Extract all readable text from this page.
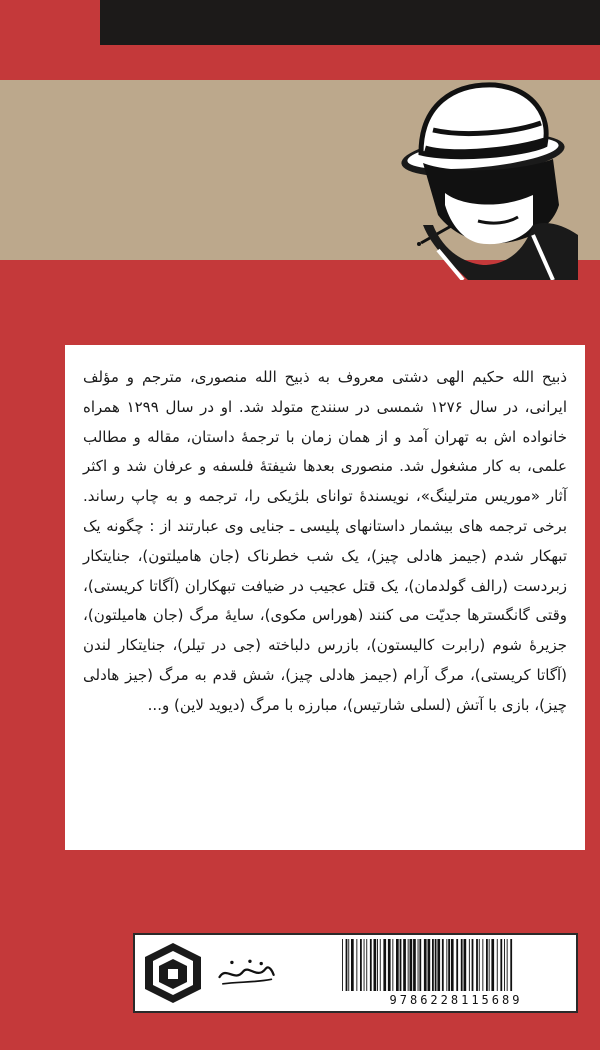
ذبیح الله حکیم الهی دشتی معروف به ذبیح الله منصوری، مترجم و مؤلف ایرانی، در سال ۱۲۷۶ شمسی در سنندج متولد شد. او در سال ۱۲۹۹ همراه خانواده اش به تهران آمد و از همان زمان با ترجمهٔ داستان، مقاله و مطالب علمی، به کار مشغول شد. منصوری بعدها شیفتهٔ فلسفه و عرفان شد و اکثر آثار «موریس مترلینگ»، نویسندهٔ توانای بلژیکی را، ترجمه و به چاپ رساند. برخی ترجمه های بیشمار داستانهای پلیسی ـ جنایی وی عبارتند از : چگونه یک تبهکار شدم (جیمز هادلی چیز)، یک شب خطرناک (جان هامیلتون)، جنایتکار زبردست (رالف گولدمان)، یک قتل عجیب در ضیافت تبهکاران (آگاتا کریستی)، وقتی گانگسترها جدیّت می کنند (هوراس مکوی)، سایهٔ مرگ (جان هامیلتون)، جزیرهٔ شوم (رابرت کالیستون)، بازرس دلباخته (جی در تیلر)، جنایتکار لندن (آگاتا کریستی)، مرگ آرام (جیمز هادلی چیز)، شش قدم به مرگ (جیز هادلی چیز)، بازی با آتش (لسلی شارتیس)، مبارزه با مرگ (دیوید لاین) و...

9786228115689
